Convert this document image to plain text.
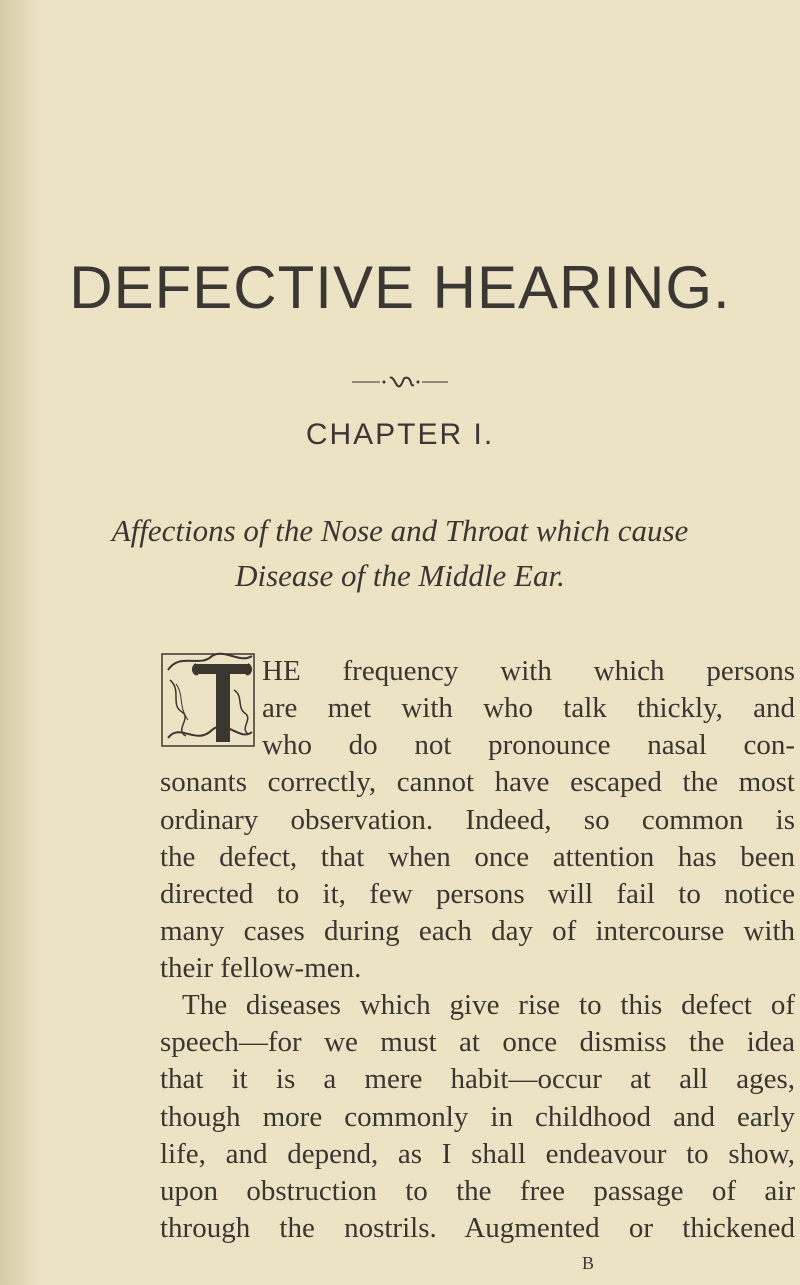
DEFECTIVE HEARING.
CHAPTER I.
Affections of the Nose and Throat which cause
Disease of the Middle Ear.
HE frequency with which persons
are met with who talk thickly, and
who do not pronounce nasal con-
sonants correctly, cannot have escaped the most
ordinary observation. Indeed, so common is
the defect, that when once attention has been
directed to it, few persons will fail to notice
many cases during each day of intercourse with
their fellow-men.
The diseases which give rise to this defect of
speech—for we must at once dismiss the idea
that it is a mere habit—occur at all ages,
though more commonly in childhood and early
life, and depend, as I shall endeavour to show,
upon obstruction to the free passage of air
through the nostrils. Augmented or thickened
B
